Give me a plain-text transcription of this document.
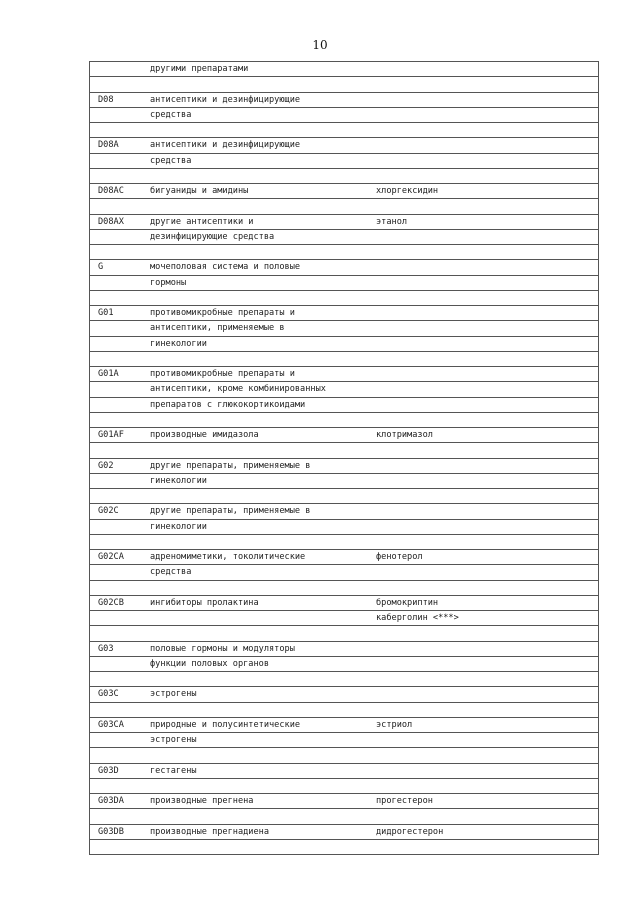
10
другими препаратами
D08	антисептики и дезинфицирующие
средства
D08A	антисептики и дезинфицирующие
средства
D08AC	бигуаниды и амидины	хлоргексидин
D08AX	другие антисептики и	этанол
дезинфицирующие средства
G	мочеполовая система и половые
гормоны
G01	противомикробные препараты и
антисептики, применяемые в
гинекологии
G01A	противомикробные препараты и
антисептики, кроме комбинированных
препаратов с глюкокортикоидами
G01AF	производные имидазола	клотримазол
G02	другие препараты, применяемые в
гинекологии
G02C	другие препараты, применяемые в
гинекологии
G02CA	адреномиметики, токолитические	фенотерол
средства
G02CB	ингибиторы пролактина	бромокриптин
каберголин <***>
G03	половые гормоны и модуляторы
функции половых органов
G03C	эстрогены
G03CA	природные и полусинтетические	эстриол
эстрогены
G03D	гестагены
G03DA	производные прегнена	прогестерон
G03DB	производные прегнадиена	дидрогестерон
